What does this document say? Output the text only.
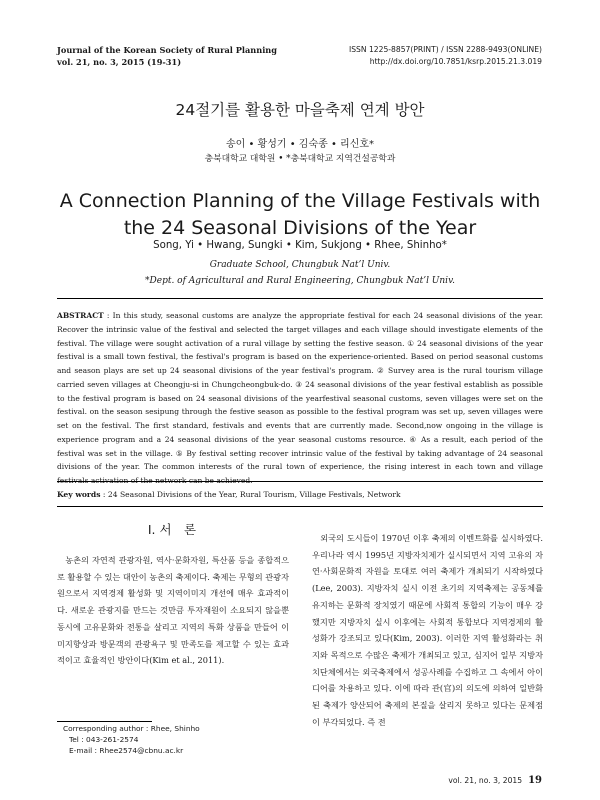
Journal of the Korean Society of Rural Planning
vol. 21, no. 3, 2015 (19-31)
ISSN 1225-8857(PRINT) / ISSN 2288-9493(ONLINE)
http://dx.doi.org/10.7851/ksrp.2015.21.3.019
24절기를 활용한 마을축제 연계 방안
송이 • 황성기 • 김숙종 • 리신호*
충북대학교 대학원 • *충북대학교 지역건설공학과
A Connection Planning of the Village Festivals with
the 24 Seasonal Divisions of the Year
Song, Yi • Hwang, Sungki • Kim, Sukjong • Rhee, Shinho*
Graduate School, Chungbuk Nat’l Univ.
*Dept. of Agricultural and Rural Engineering, Chungbuk Nat’l Univ.
ABSTRACT : In this study, seasonal customs are analyze the appropriate festival for each 24 seasonal divisions of the year. Recover the intrinsic value of the festival and selected the target villages and each village should investigate elements of the festival. The village were sought activation of a rural village by setting the festive season. ① 24 seasonal divisions of the year festival is a small town festival, the festival's program is based on the experience-oriented. Based on period seasonal customs and season plays are set up 24 seasonal divisions of the year festival's program. ② Survey area is the rural tourism village carried seven villages at Cheongju-si in Chungcheongbuk-do. ③ 24 seasonal divisions of the year festival establish as possible to the festival program is based on 24 seasonal divisions of the yearfestival seasonal customs, seven villages were set on the festival. on the season sesipung through the festive season as possible to the festival program was set up, seven villages were set on the festival. The first standard, festivals and events that are currently made. Second,now ongoing in the village is experience program and a 24 seasonal divisions of the year seasonal customs resource. ④ As a result, each period of the festival was set in the village. ⑤ By festival setting recover intrinsic value of the festival by taking advantage of 24 seasonal divisions of the year. The common interests of the rural town of experience, the rising interest in each town and village
Key words : 24 Seasonal Divisions of the Year, Rural Tourism, Village Festivals, Network
I. 서　론

농촌의 자연적 관광자원, 역사·문화자원, 특산품 등을 종합적으로 활용할 수 있는 대안이 농촌의 축제이다. 축제는 무형의 관광자원으로서 지역경제 활성화 및 지역이미지 개선에 매우 효과적이다. 새로운 관광지를 만드는 것만큼 투자재원이 소요되지 않을뿐 동시에 고유문화와 전통을 살리고 지역의 특화 상품을 만들어 이미지향상과 방문객의 관광욕구 및 만족도를 제고할 수 있는 효과적이고 효율적인 방안이다(Kim et al., 2011).

외국의 도시들이 1970년 이후 축제의 이벤트화를 실시하였다. 우리나라 역시 1995년 지방자치제가 실시되면서 지역 고유의 자연·사회문화적 자원을 토대로 여러 축제가 개최되기 시작하였다(Lee, 2003). 지방자치 실시 이전 초기의 지역축제는 공동체를 유지하는 문화적 장치였기 때문에 사회적 통합의 기능이 매우 강했지만 지방자치 실시 이후에는 사회적 통합보다 지역경제의 활성화가 강조되고 있다(Kim, 2003). 이러한 지역 활성화라는 취지와 목적으로 수많은 축제가 개최되고 있고, 심지어 일부 지방자치단체에서는 외국축제에서 성공사례를 수집하고 그 속에서 아이디어를 차용하고 있다. 이에 따라 관(官)의 의도에 의하여 일반화된 축제가 양산되어 축제의 본질을 살리지 못하고 있다는 문제점이 부각되었다. 즉 전

Corresponding author : Rhee, Shinho
Tel : 043-261-2574
E-mail : Rhee2574@cbnu.ac.kr
vol. 21, no. 3, 2015 19
